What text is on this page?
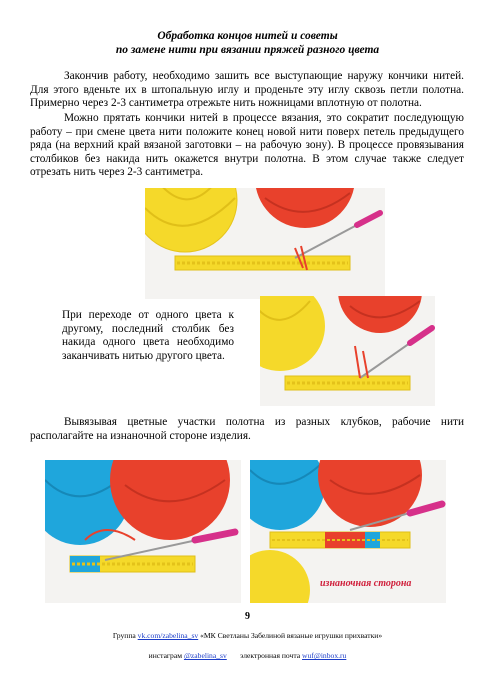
Обработка концов нитей и советы
по замене нити при вязании пряжей разного цвета
Закончив работу, необходимо зашить все выступающие наружу кончики нитей. Для этого вденьте их в штопальную иглу и проденьте эту иглу сквозь петли полотна. Примерно через 2-3 сантиметра отрежьте нить ножницами вплотную от полотна.
Можно прятать кончики нитей в процессе вязания, это сократит последующую работу – при смене цвета нити положите конец новой нити поверх петель предыдущего ряда (на верхний край вязаной заготовки – на рабочую зону). В процессе провязывания столбиков без накида нить окажется внутри полотна. В этом случае также следует отрезать нить через 2-3 сантиметра.
При переходе от одного цвета к другому, последний столбик без накида одного цвета необходимо заканчивать нитью другого цвета.
Вывязывая цветные участки полотна из разных клубков, рабочие нити располагайте на изнаночной стороне изделия.
изнаночная сторона
9
Группа vk.com/zabelina_sv «МК Светланы Забелиной вязаные игрушки прихватки»
инстаграм @zabelina_sv электронная почта wuf@inbox.ru
